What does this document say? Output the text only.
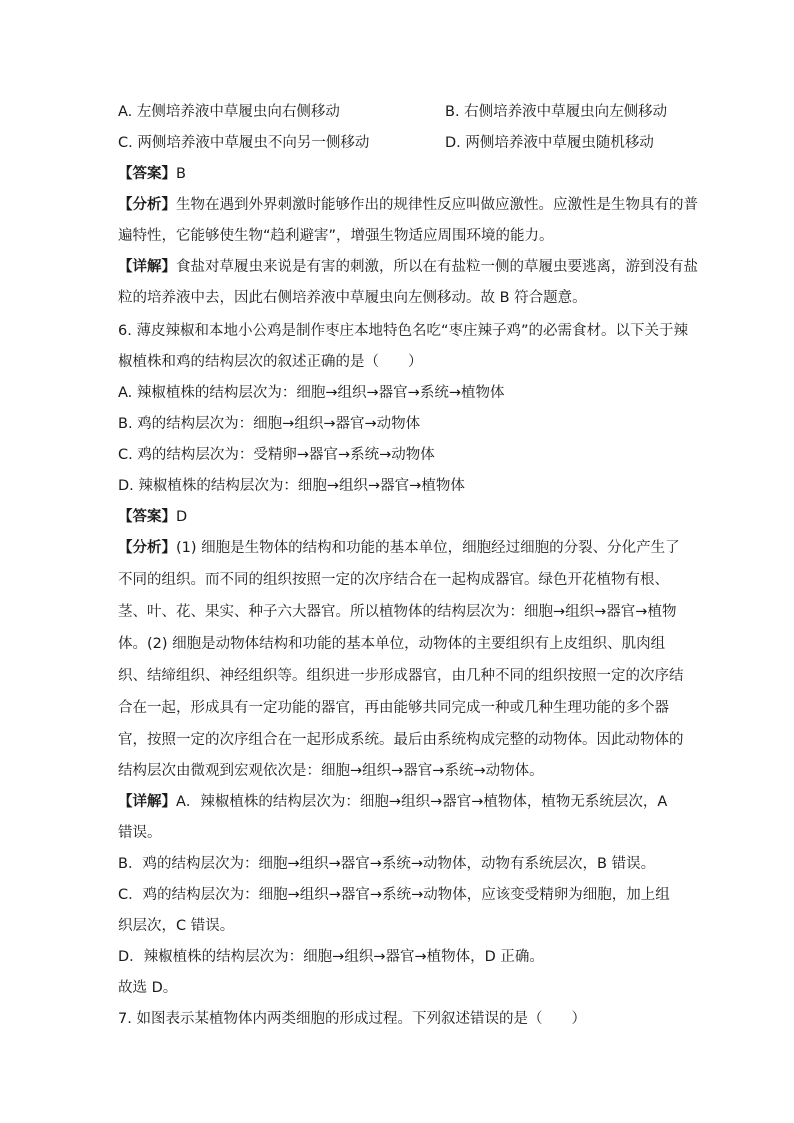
A. 左侧培养液中草履虫向右侧移动	B. 右侧培养液中草履虫向左侧移动
C. 两侧培养液中草履虫不向另一侧移动	D. 两侧培养液中草履虫随机移动
【答案】B
【分析】生物在遇到外界刺激时能够作出的规律性反应叫做应激性。应激性是生物具有的普
遍特性，它能够使生物“趋利避害”，增强生物适应周围环境的能力。
【详解】食盐对草履虫来说是有害的刺激，所以在有盐粒一侧的草履虫要逃离，游到没有盐
粒的培养液中去，因此右侧培养液中草履虫向左侧移动。故 B 符合题意。
6. 薄皮辣椒和本地小公鸡是制作枣庄本地特色名吃“枣庄辣子鸡”的必需食材。以下关于辣
椒植株和鸡的结构层次的叙述正确的是（　　）
A. 辣椒植株的结构层次为：细胞→组织→器官→系统→植物体
B. 鸡的结构层次为：细胞→组织→器官→动物体
C. 鸡的结构层次为：受精卵→器官→系统→动物体
D. 辣椒植株的结构层次为：细胞→组织→器官→植物体
【答案】D
【分析】(1) 细胞是生物体的结构和功能的基本单位，细胞经过细胞的分裂、分化产生了
不同的组织。而不同的组织按照一定的次序结合在一起构成器官。绿色开花植物有根、
茎、叶、花、果实、种子六大器官。所以植物体的结构层次为：细胞→组织→器官→植物
体。(2) 细胞是动物体结构和功能的基本单位，动物体的主要组织有上皮组织、肌肉组
织、结缔组织、神经组织等。组织进一步形成器官，由几种不同的组织按照一定的次序结
合在一起，形成具有一定功能的器官，再由能够共同完成一种或几种生理功能的多个器
官，按照一定的次序组合在一起形成系统。最后由系统构成完整的动物体。因此动物体的
结构层次由微观到宏观依次是：细胞→组织→器官→系统→动物体。
【详解】A．辣椒植株的结构层次为：细胞→组织→器官→植物体，植物无系统层次，A
错误。
B．鸡的结构层次为：细胞→组织→器官→系统→动物体，动物有系统层次，B 错误。
C．鸡的结构层次为：细胞→组织→器官→系统→动物体，应该变受精卵为细胞，加上组
织层次，C 错误。
D．辣椒植株的结构层次为：细胞→组织→器官→植物体，D 正确。
故选 D。
7. 如图表示某植物体内两类细胞的形成过程。下列叙述错误的是（　　）
